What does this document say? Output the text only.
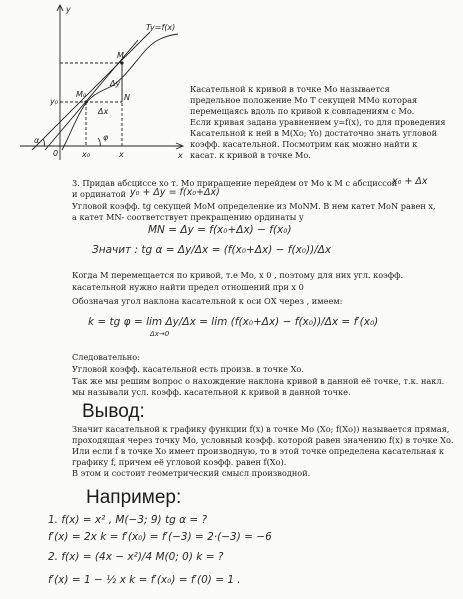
y
x
y=f(x)
M
M₀	N
T
y₀
0	x₀	x
Δy
Δx
α	φ
Касательной к кривой в точке Мо называется
предельное положение Мо Т секущей ММо которая
перемещаясь вдоль по кривой к совпадениям с Мо.
Если кривая задана уравнением y=f(x), то для проведения
Касательной к ней в М(Xo; Yo) достаточно знать угловой
коэфф. касательной. Посмотрим как можно найти к
касат. к кривой в точке Мо.
3. Придав абсциссе хо т. Мо приращение перейдем от Мо к М с абсциссой
x₀ + Δx
и ординатой y₀ + Δy = f(x₀+Δx)
Угловой коэфф. tg секущей МоМ определение из MoNM. В нем катет MoN равен x,
а катет MN- соответствует прекращению ординаты у
MN = Δy = f(x₀+Δx) − f(x₀)
Значит : tg α = Δy/Δx = (f(x₀+Δx) − f(x₀))/Δx
Когда М перемещается по кривой, т.е Мо, x 0 , поэтому для них угл. коэфф.
касательной нужно найти предел отношений при x 0
Обозначая угол наклона касательной к оси ОХ через , имеем:
k = tg φ = lim Δy/Δx = lim (f(x₀+Δx) − f(x₀))/Δx = f′(x₀)
Δx→0
Следовательно:
Угловой коэфф. касательной есть произв. в точке Хо.
Так же мы решим вопрос о нахождение наклона кривой в данной её точке, т.к. накл.
мы называли усл. коэфф. касательной к кривой в данной точке.
Вывод:
Значит касательной к графику функции f(x) в точке Мо (Хо; f(Xo)) называется прямая,
проходящая через точку Мо, условный коэфф. которой равен значению f(x) в точке Хо.
Или если f в точке Хо имеет производную, то в этой точке определена касательная к
графику f, причем её угловой коэфф. равен f(Xo).
В этом и состоит геометрический смысл производной.
Например:
1. f(x) = x² , M(−3; 9) tg α = ?
f′(x) = 2x k = f′(x₀) = f′(−3) = 2·(−3) = −6
2. f(x) = (4x − x²)/4 M(0; 0) k = ?
f′(x) = 1 − ½ x k = f′(x₀) = f′(0) = 1 .
